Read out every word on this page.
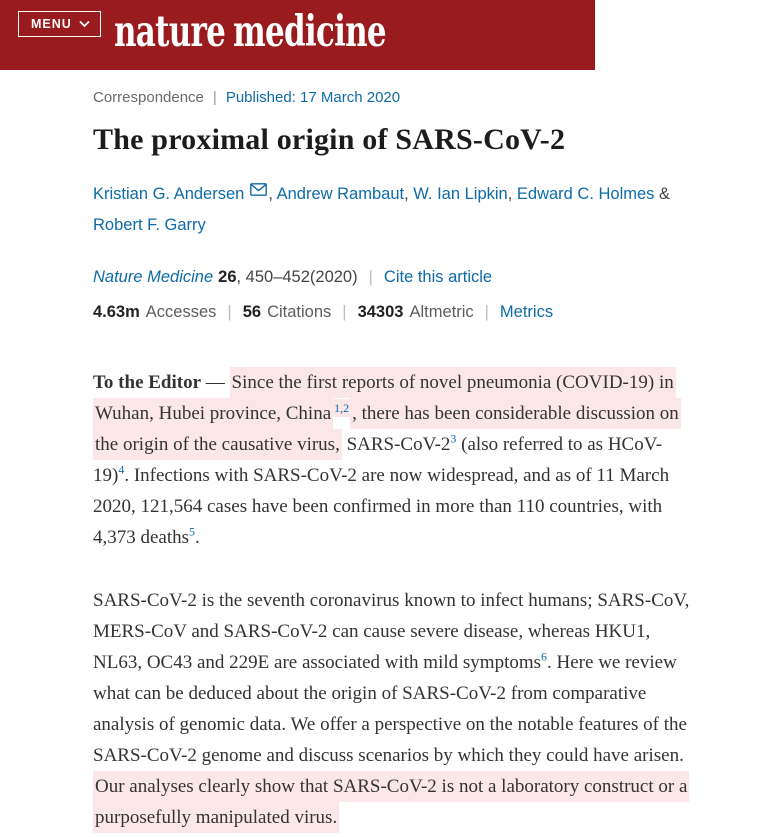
MENU nature medicine
Correspondence | Published: 17 March 2020
The proximal origin of SARS-CoV-2
Kristian G. Andersen , Andrew Rambaut, W. Ian Lipkin, Edward C. Holmes & Robert F. Garry
Nature Medicine 26, 450–452(2020) | Cite this article
4.63m Accesses | 56 Citations | 34303 Altmetric | Metrics

To the Editor — Since the first reports of novel pneumonia (COVID-19) in Wuhan, Hubei province, China $^{1,2}$ , there has been considerable discussion on the origin of the causative virus, SARS-CoV-2$^3$ (also referred to as HCoV-19)$^4$. Infections with SARS-CoV-2 are now widespread, and as of 11 March 2020, 121,564 cases have been confirmed in more than 110 countries, with 4,373 deaths$^5$.

SARS-CoV-2 is the seventh coronavirus known to infect humans; SARS-CoV, MERS-CoV and SARS-CoV-2 can cause severe disease, whereas HKU1, NL63, OC43 and 229E are associated with mild symptoms$^6$. Here we review what can be deduced about the origin of SARS-CoV-2 from comparative analysis of genomic data. We offer a perspective on the notable features of the SARS-CoV-2 genome and discuss scenarios by which they could have arisen. Our analyses clearly show that SARS-CoV-2 is not a laboratory construct or a purposefully manipulated virus.
